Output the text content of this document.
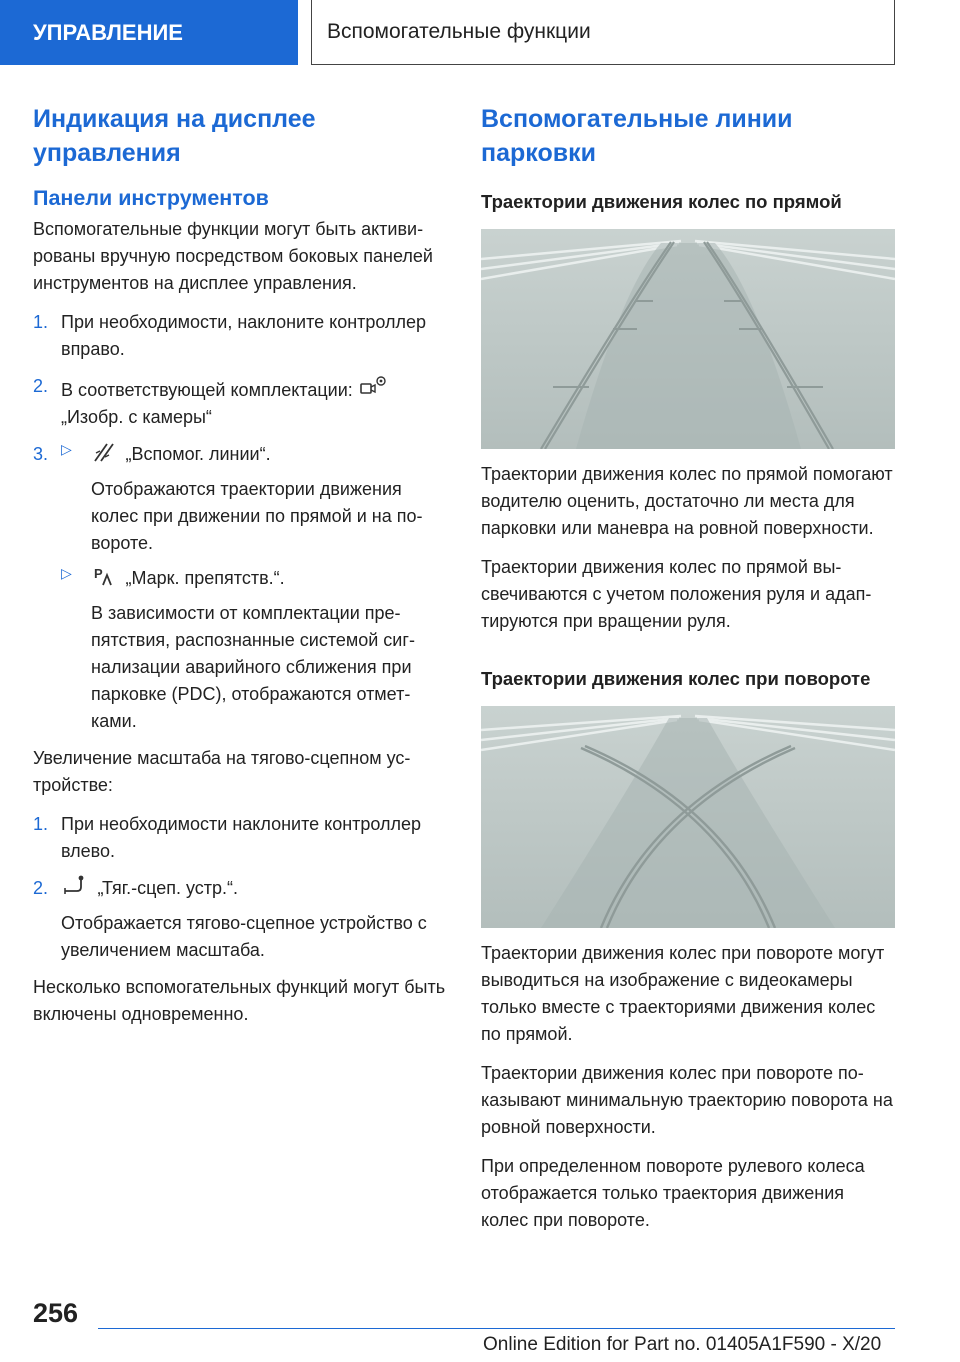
УПРАВЛЕНИЕ	Вспомогательные функции
Индикация на дисплее управления
Панели инструментов

Вспомогательные функции могут быть активированы вручную посредством боковых панелей инструментов на дисплее управления.

1. При необходимости, наклоните контроллер вправо.
2. В соответствующей комплектации:
„Изобр. с камеры“
3. ▷	„Вспомог. линии“.
Отображаются траектории движения колес при движении по прямой и на повороте.
▷	P „Марк. препятств.“.
В зависимости от комплектации препятствия, распознанные системой сигнализации аварийного сближения при парковке (PDC), отображаются отметками.

Увеличение масштаба на тягово-сцепном устройстве:

1. При необходимости наклоните контроллер влево.
2.	„Тяг.-сцеп. устр.“.
Отображается тягово-сцепное устройство с увеличением масштаба.

Несколько вспомогательных функций могут быть включены одновременно.

Вспомогательные линии парковки
Траектории движения колес по прямой

Траектории движения колес по прямой помогают водителю оценить, достаточно ли места для парковки или маневра на ровной поверхности.

Траектории движения колес по прямой высвечиваются с учетом положения руля и адаптируются при вращении руля.

Траектории движения колес при повороте

Траектории движения колес при повороте могут выводиться на изображение с видеокамеры только вместе с траекториями движения колес по прямой.

Траектории движения колес при повороте показывают минимальную траекторию поворота на ровной поверхности.

При определенном повороте рулевого колеса отображается только траектория движения колес при повороте.

256
Online Edition for Part no. 01405A1F590 - X/20
